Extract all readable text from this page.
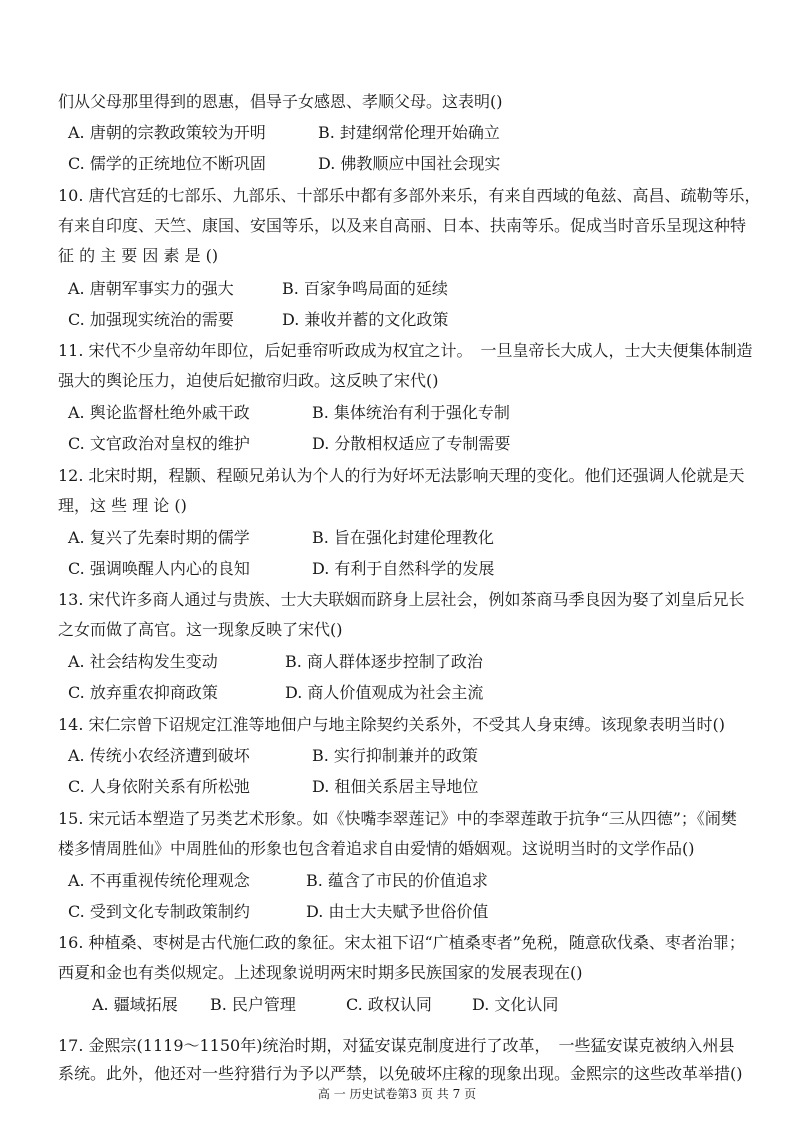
们从父母那里得到的恩惠，倡导子女感恩、孝顺父母。这表明()
A. 唐朝的宗教政策较为开明	B. 封建纲常伦理开始确立
C. 儒学的正统地位不断巩固	D. 佛教顺应中国社会现实
10. 唐代宫廷的七部乐、九部乐、十部乐中都有多部外来乐，有来自西域的龟兹、高昌、疏勒等乐，
有来自印度、天竺、康国、安国等乐，以及来自高丽、日本、扶南等乐。促成当时音乐呈现这种特
征 的 主 要 因 素 是 ()
A. 唐朝军事实力的强大	B. 百家争鸣局面的延续
C. 加强现实统治的需要	D. 兼收并蓄的文化政策
11. 宋代不少皇帝幼年即位，后妃垂帘听政成为权宜之计。　一旦皇帝长大成人，士大夫便集体制造
强大的舆论压力，迫使后妃撤帘归政。这反映了宋代()
A. 舆论监督杜绝外戚干政	B. 集体统治有利于强化专制
C. 文官政治对皇权的维护	D. 分散相权适应了专制需要
12. 北宋时期，程颢、程颐兄弟认为个人的行为好坏无法影响天理的变化。他们还强调人伦就是天
理，这 些 理 论 ()
A. 复兴了先秦时期的儒学	B. 旨在强化封建伦理教化
C. 强调唤醒人内心的良知	D. 有利于自然科学的发展
13. 宋代许多商人通过与贵族、士大夫联姻而跻身上层社会，例如茶商马季良因为娶了刘皇后兄长
之女而做了高官。这一现象反映了宋代()
A. 社会结构发生变动	B. 商人群体逐步控制了政治
C. 放弃重农抑商政策	D. 商人价值观成为社会主流
14. 宋仁宗曾下诏规定江淮等地佃户与地主除契约关系外，不受其人身束缚。该现象表明当时()
A. 传统小农经济遭到破坏	B. 实行抑制兼并的政策
C. 人身依附关系有所松弛	D. 租佃关系居主导地位
15. 宋元话本塑造了另类艺术形象。如《快嘴李翠莲记》中的李翠莲敢于抗争“三从四德”；《闹樊
楼多情周胜仙》中周胜仙的形象也包含着追求自由爱情的婚姻观。这说明当时的文学作品()
A. 不再重视传统伦理观念	B. 蕴含了市民的价值追求
C. 受到文化专制政策制约	D. 由士大夫赋予世俗价值
16. 种植桑、枣树是古代施仁政的象征。宋太祖下诏“广植桑枣者”免税，随意砍伐桑、枣者治罪；
西夏和金也有类似规定。上述现象说明两宋时期多民族国家的发展表现在()
A. 疆域拓展 B. 民户管理	C. 政权认同	D. 文化认同
17. 金熙宗(1119～1150年)统治时期，对猛安谋克制度进行了改革，　一些猛安谋克被纳入州县
系统。此外，他还对一些狩猎行为予以严禁，以免破坏庄稼的现象出现。金熙宗的这些改革举措()
高 一 历史试卷第3 页 共 7 页
